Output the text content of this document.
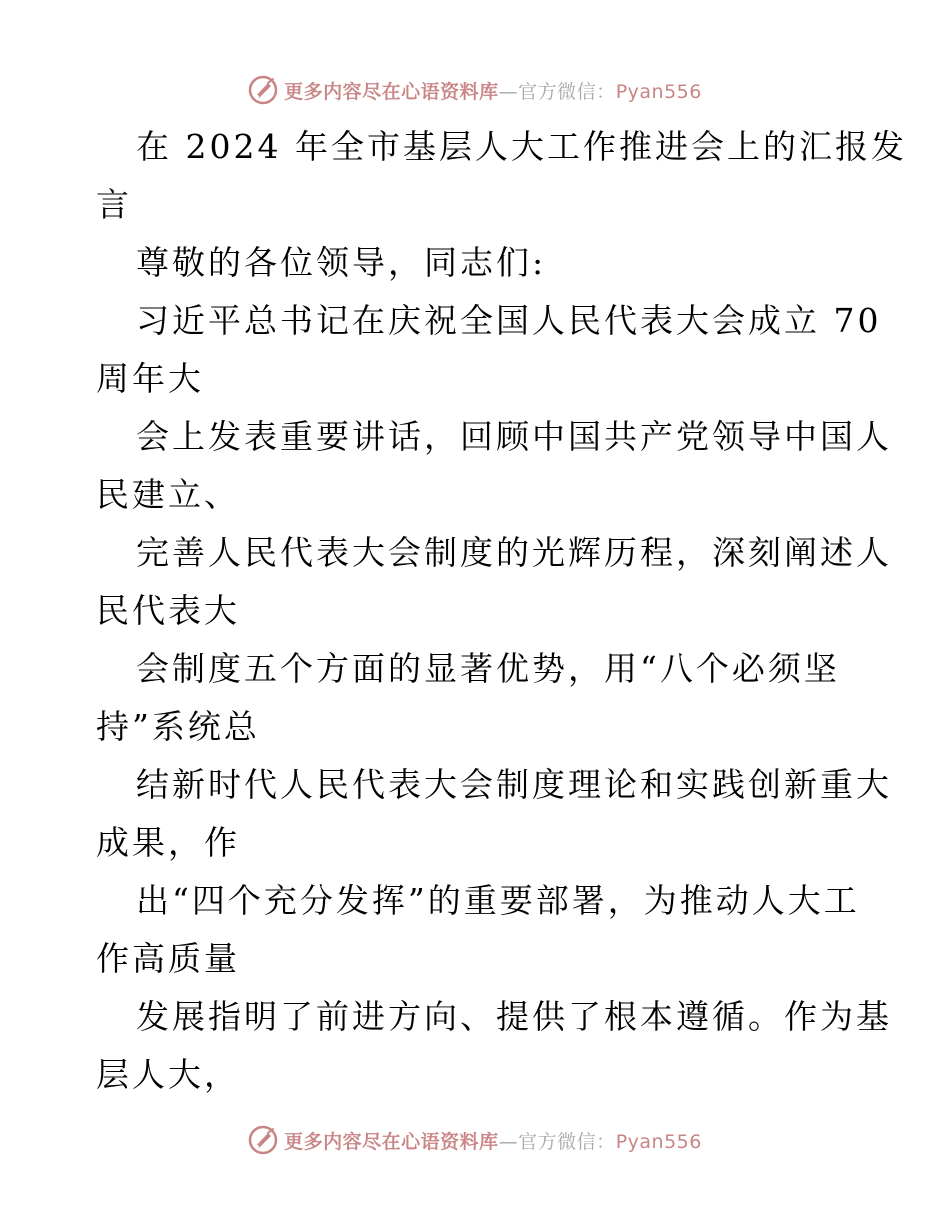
更多内容尽在心语资料库—官方微信：Pyan556
在 2024 年全市基层人大工作推进会上的汇报发
言
尊敬的各位领导，同志们:
习近平总书记在庆祝全国人民代表大会成立 70
周年大
会上发表重要讲话，回顾中国共产党领导中国人
民建立、
完善人民代表大会制度的光辉历程，深刻阐述人
民代表大
会制度五个方面的显著优势，用“八个必须坚
持”系统总
结新时代人民代表大会制度理论和实践创新重大
成果，作
出“四个充分发挥”的重要部署，为推动人大工
作高质量
发展指明了前进方向、提供了根本遵循。作为基
层人大，
更多内容尽在心语资料库—官方微信：Pyan556
